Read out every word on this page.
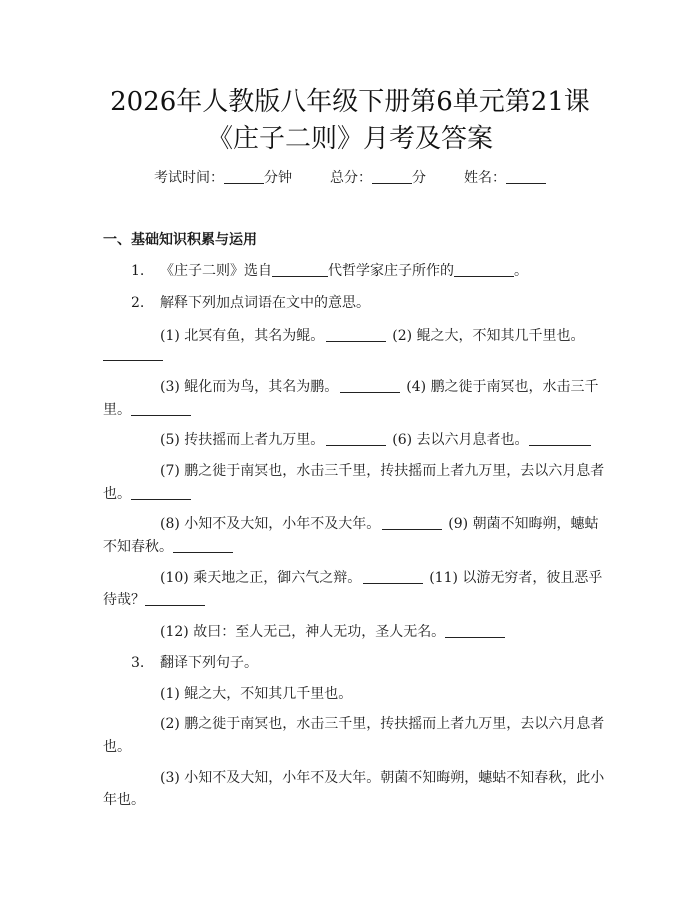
2026年人教版八年级下册第6单元第21课
《庄子二则》月考及答案
考试时间：	分钟	总分：	分	姓名：
一、基础知识积累与运用
1. 《庄子二则》选自	代哲学家庄子所作的	。
2. 解释下列加点词语在文中的意思。
(1) 北冥有鱼，其名为鲲。	(2) 鲲之大，不知其几千里也。
(3) 鲲化而为鸟，其名为鹏。	(4) 鹏之徙于南冥也，水击三千
里。
(5) 抟扶摇而上者九万里。	(6) 去以六月息者也。
(7) 鹏之徙于南冥也，水击三千里，抟扶摇而上者九万里，去以六月息者
也。
(8) 小知不及大知，小年不及大年。	(9) 朝菌不知晦朔，蟪蛄
不知春秋。
(10) 乘天地之正，御六气之辩。	(11) 以游无穷者，彼且恶乎
待哉？
(12) 故曰：至人无己，神人无功，圣人无名。
3. 翻译下列句子。
(1) 鲲之大，不知其几千里也。
(2) 鹏之徙于南冥也，水击三千里，抟扶摇而上者九万里，去以六月息者
也。
(3) 小知不及大知，小年不及大年。朝菌不知晦朔，蟪蛄不知春秋，此小
年也。
